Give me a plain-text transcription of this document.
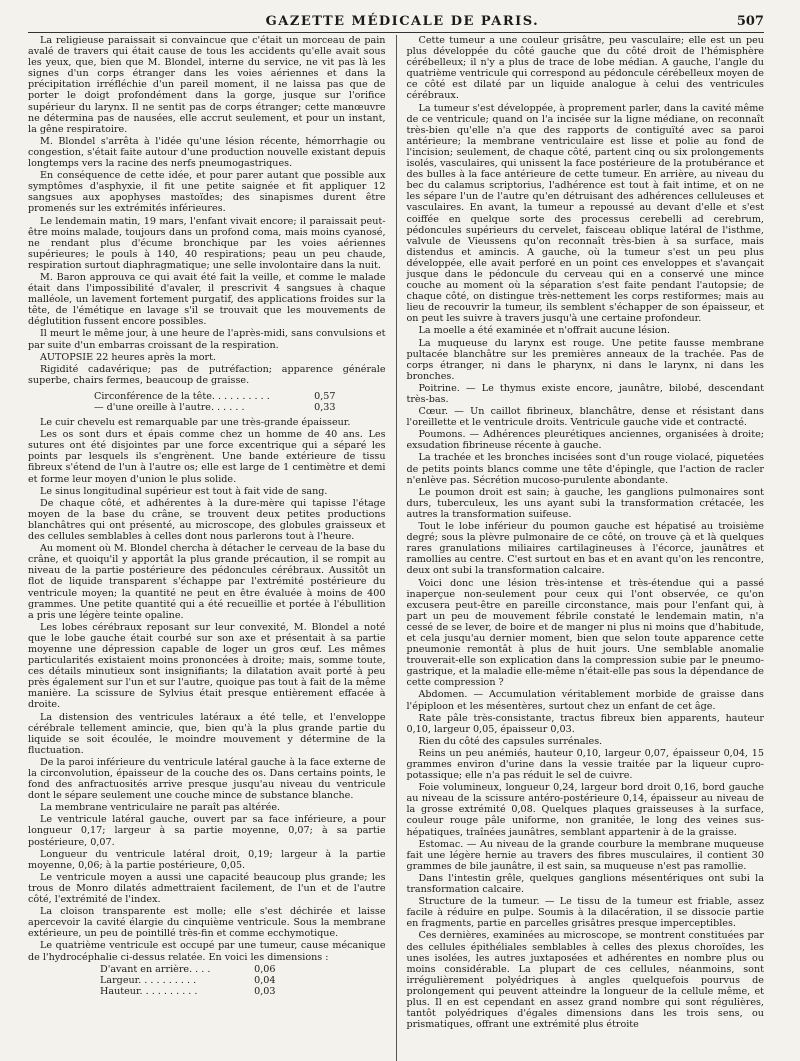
GAZETTE MÉDICALE DE PARIS.	507

La religieuse paraissait si convaincue que c'était un morceau de pain avalé de travers qui était cause de tous les accidents qu'elle avait sous les yeux, que, bien que M. Blondel, interne du service, ne vit pas là les signes d'un corps étranger dans les voies aériennes et dans la précipitation irréfléchie d'un pareil moment, il ne laissa pas que de porter le doigt profondément dans la gorge, jusque sur l'orifice supérieur du larynx. Il ne sentit pas de corps étranger; cette manœuvre ne détermina pas de nausées, elle accrut seulement, et pour un instant, la gêne respiratoire.

M. Blondel s'arrêta à l'idée qu'une lésion récente, hémorrhagie ou congestion, s'était faite autour d'une production nouvelle existant depuis longtemps vers la racine des nerfs pneumogastriques.

En conséquence de cette idée, et pour parer autant que possible aux symptômes d'asphyxie, il fit une petite saignée et fit appliquer 12 sangsues aux apophyses mastoïdes; des sinapismes durent être promenés sur les extrémités inférieures.

Le lendemain matin, 19 mars, l'enfant vivait encore; il paraissait peut-être moins malade, toujours dans un profond coma, mais moins cyanosé, ne rendant plus d'écume bronchique par les voies aériennes supérieures; le pouls à 140, 40 respirations; peau un peu chaude, respiration surtout diaphragmatique; une selle involontaire dans la nuit.

M. Baron approuva ce qui avait été fait la veille, et comme le malade était dans l'impossibilité d'avaler, il prescrivit 4 sangsues à chaque malléole, un lavement fortement purgatif, des applications froides sur la tête, de l'émétique en lavage s'il se trouvait que les mouvements de déglutition fussent encore possibles.

Il meurt le même jour, à une heure de l'après-midi, sans convulsions et par suite d'un embarras croissant de la respiration.

AUTOPSIE 22 heures après la mort.

Rigidité cadavérique; pas de putréfaction; apparence générale superbe, chairs fermes, beaucoup de graisse.

Circonférence de la tête. . . . . . . . . .	0,57
— d'une oreille à l'autre. . . . . .	0,33

Le cuir chevelu est remarquable par une très-grande épaisseur.

Les os sont durs et épais comme chez un homme de 40 ans. Les sutures ont été disjointes par une force excentrique qui a séparé les points par lesquels ils s'engrènent. Une bande extérieure de tissu fibreux s'étend de l'un à l'autre os; elle est large de 1 centimètre et demi et forme leur moyen d'union le plus solide.

Le sinus longitudinal supérieur est tout à fait vide de sang.

De chaque côté, et adhérentes à la dure-mère qui tapisse l'étage moyen de la base du crâne, se trouvent deux petites productions blanchâtres qui ont présenté, au microscope, des globules graisseux et des cellules semblables à celles dont nous parlerons tout à l'heure.

Au moment où M. Blondel chercha à détacher le cerveau de la base du crâne, et quoiqu'il y apportât la plus grande précaution, il se rompit au niveau de la partie postérieure des pédoncules cérébraux. Aussitôt un flot de liquide transparent s'échappe par l'extrémité postérieure du ventricule moyen; la quantité ne peut en être évaluée à moins de 400 grammes. Une petite quantité qui a été recueillie et portée à l'ébullition a pris une légère teinte opaline.

Les lobes cérébraux reposant sur leur convexité, M. Blondel a noté que le lobe gauche était courbé sur son axe et présentait à sa partie moyenne une dépression capable de loger un gros œuf. Les mêmes particularités existaient moins prononcées à droite; mais, somme toute, ces détails minutieux sont insignifiants; la dilatation avait porté à peu près également sur l'un et sur l'autre, quoique pas tout à fait de la même manière. La scissure de Sylvius était presque entièrement effacée à droite.

La distension des ventricules latéraux a été telle, et l'enveloppe cérébrale tellement amincie, que, bien qu'à la plus grande partie du liquide se soit écoulée, le moindre mouvement y détermine de la fluctuation.

De la paroi inférieure du ventricule latéral gauche à la face externe de la circonvolution, épaisseur de la couche des os. Dans certains points, le fond des anfractuosités arrive presque jusqu'au niveau du ventricule dont le sépare seulement une couche mince de substance blanche.

La membrane ventriculaire ne paraît pas altérée.

Le ventricule latéral gauche, ouvert par sa face inférieure, a pour longueur 0,17; largeur à sa partie moyenne, 0,07; à sa partie postérieure, 0,07.

Longueur du ventricule latéral droit, 0,19; largeur à la partie moyenne, 0,06; à la partie postérieure, 0,05.

Le ventricule moyen a aussi une capacité beaucoup plus grande; les trous de Monro dilatés admettraient facilement, de l'un et de l'autre côté, l'extrémité de l'index.

La cloison transparente est molle; elle s'est déchirée et laisse apercevoir la cavité élargie du cinquième ventricule. Sous la membrane extérieure, un peu de pointillé très-fin et comme ecchymotique.

Le quatrième ventricule est occupé par une tumeur, cause mécanique de l'hydrocéphalie ci-dessus relatée. En voici les dimensions :

D'avant en arrière. . . .	0,06
Largeur. . . . . . . . . .	0,04
Hauteur. . . . . . . . . .	0,03

Cette tumeur a une couleur grisâtre, peu vasculaire; elle est un peu plus développée du côté gauche que du côté droit de l'hémisphère cérébelleux; il n'y a plus de trace de lobe médian. A gauche, l'angle du quatrième ventricule qui correspond au pédoncule cérébelleux moyen de ce côté est dilaté par un liquide analogue à celui des ventricules cérébraux.

La tumeur s'est développée, à proprement parler, dans la cavité même de ce ventricule; quand on l'a incisée sur la ligne médiane, on reconnaît très-bien qu'elle n'a que des rapports de contiguïté avec sa paroi antérieure; la membrane ventriculaire est lisse et polie au fond de l'incision; seulement, de chaque côté, partent cinq ou six prolongements isolés, vasculaires, qui unissent la face postérieure de la protubérance et des bulles à la face antérieure de cette tumeur. En arrière, au niveau du bec du calamus scriptorius, l'adhérence est tout à fait intime, et on ne les sépare l'un de l'autre qu'en détruisant des adhérences celluleuses et vasculaires. En avant, la tumeur a repoussé au devant d'elle et s'est coiffée en quelque sorte des processus cerebelli ad cerebrum, pédoncules supérieurs du cervelet, faisceau oblique latéral de l'isthme, valvule de Vieussens qu'on reconnaît très-bien à sa surface, mais distendus et amincis. A gauche, où la tumeur s'est un peu plus développée, elle avait perforé en un point ces enveloppes et s'avançait jusque dans le pédoncule du cerveau qui en a conservé une mince couche au moment où la séparation s'est faite pendant l'autopsie; de chaque côté, on distingue très-nettement les corps restiformes; mais au lieu de recouvrir la tumeur, ils semblent s'échapper de son épaisseur, et on peut les suivre à travers jusqu'à une certaine profondeur.

La moelle a été examinée et n'offrait aucune lésion.

La muqueuse du larynx est rouge. Une petite fausse membrane pultacée blanchâtre sur les premières anneaux de la trachée. Pas de corps étranger, ni dans le pharynx, ni dans le larynx, ni dans les bronches.

Poitrine. — Le thymus existe encore, jaunâtre, bilobé, descendant très-bas.

Cœur. — Un caillot fibrineux, blanchâtre, dense et résistant dans l'oreillette et le ventricule droits. Ventricule gauche vide et contracté.

Poumons. — Adhérences pleurétiques anciennes, organisées à droite; exsudation fibrineuse récente à gauche.

La trachée et les bronches incisées sont d'un rouge violacé, piquetées de petits points blancs comme une tête d'épingle, que l'action de racler n'enlève pas. Sécrétion mucoso-purulente abondante.

Le poumon droit est sain; à gauche, les ganglions pulmonaires sont durs, tuberculeux, les uns ayant subi la transformation crétacée, les autres la transformation suifeuse.

Tout le lobe inférieur du poumon gauche est hépatisé au troisième degré; sous la plèvre pulmonaire de ce côté, on trouve çà et là quelques rares granulations miliaires cartilagineuses à l'écorce, jaunâtres et ramollies au centre. C'est surtout en bas et en avant qu'on les rencontre, deux ont subi la transformation calcaire.

Voici donc une lésion très-intense et très-étendue qui a passé inaperçue non-seulement pour ceux qui l'ont observée, ce qu'on excusera peut-être en pareille circonstance, mais pour l'enfant qui, à part un peu de mouvement fébrile constaté le lendemain matin, n'a cessé de se lever, de boire et de manger ni plus ni moins que d'habitude, et cela jusqu'au dernier moment, bien que selon toute apparence cette pneumonie remontât à plus de huit jours. Une semblable anomalie trouverait-elle son explication dans la compression subie par le pneumo-gastrique, et la maladie elle-même n'était-elle pas sous la dépendance de cette compression ?

Abdomen. — Accumulation véritablement morbide de graisse dans l'épiploon et les mésentères, surtout chez un enfant de cet âge.

Rate pâle très-consistante, tractus fibreux bien apparents, hauteur 0,10, largeur 0,05, épaisseur 0,03.

Rien du côté des capsules surrénales.

Reins un peu anémiés, hauteur 0,10, largeur 0,07, épaisseur 0,04, 15 grammes environ d'urine dans la vessie traitée par la liqueur cupro-potassique; elle n'a pas réduit le sel de cuivre.

Foie volumineux, longueur 0,24, largeur bord droit 0,16, bord gauche au niveau de la scissure antéro-postérieure 0,14, épaisseur au niveau de la grosse extrémité 0,08. Quelques plaques graisseuses à la surface, couleur rouge pâle uniforme, non granitée, le long des veines sus-hépatiques, traînées jaunâtres, semblant appartenir à de la graisse.

Estomac. — Au niveau de la grande courbure la membrane muqueuse fait une légère hernie au travers des fibres musculaires, il contient 30 grammes de bile jaunâtre, il est sain, sa muqueuse n'est pas ramollie.

Dans l'intestin grêle, quelques ganglions mésentériques ont subi la transformation calcaire.

Structure de la tumeur. — Le tissu de la tumeur est friable, assez facile à réduire en pulpe. Soumis à la dilacération, il se dissocie partie en fragments, partie en parcelles grisâtres presque imperceptibles.

Ces dernières, examinées au microscope, se montrent constituées par des cellules épithéliales semblables à celles des plexus choroïdes, les unes isolées, les autres juxtaposées et adhérentes en nombre plus ou moins considérable. La plupart de ces cellules, néanmoins, sont irrégulièrement polyédriques à angles quelquefois pourvus de prolongement qui peuvent atteindre la longueur de la cellule même, et plus. Il en est cependant en assez grand nombre qui sont régulières, tantôt polyédriques d'égales dimensions dans les trois sens, ou prismatiques, offrant une extrémité plus étroite
